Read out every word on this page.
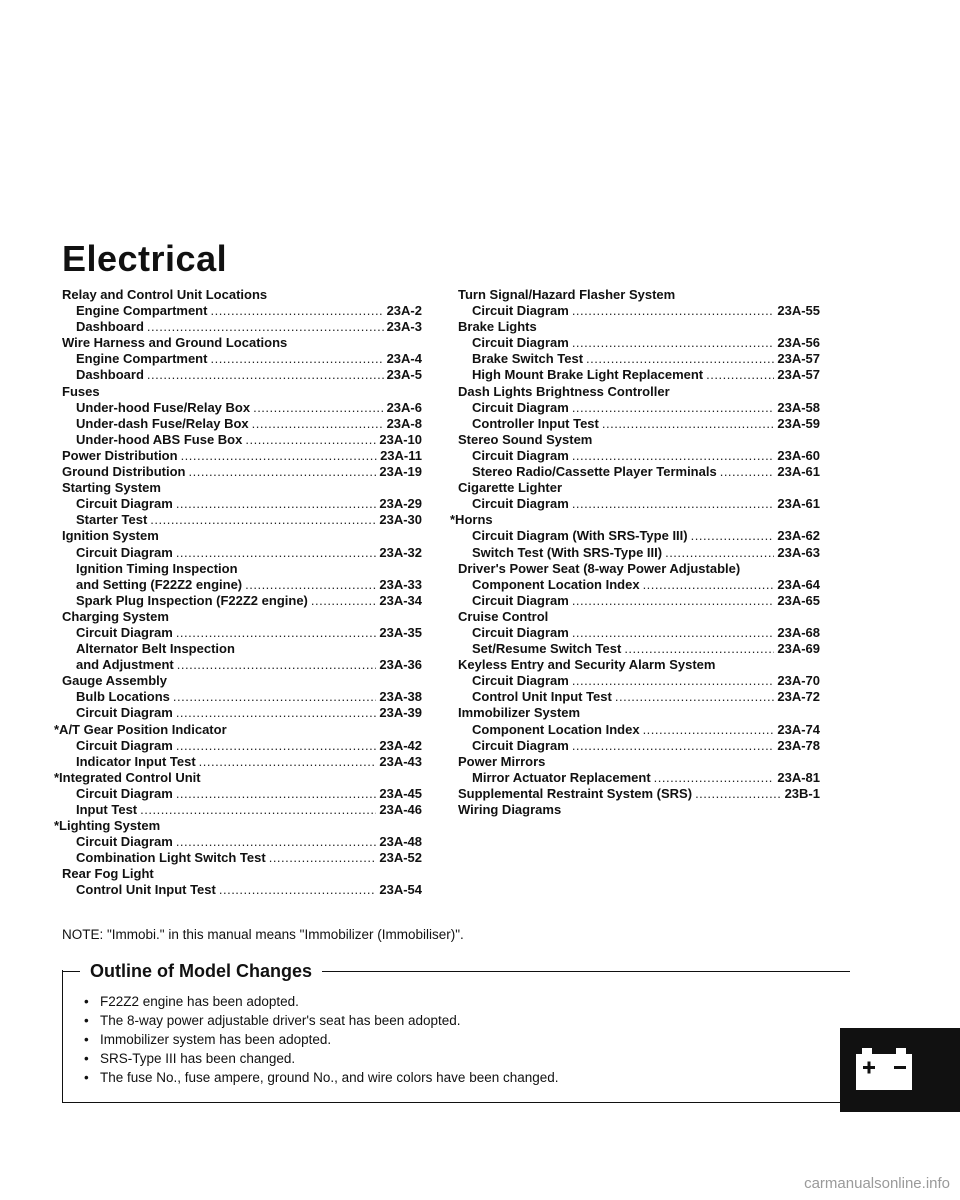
Electrical
Relay and Control Unit Locations
Engine Compartment .....	23A-2
Dashboard .....	23A-3
Wire Harness and Ground Locations
Engine Compartment .....	23A-4
Dashboard .....	23A-5
Fuses
Under-hood Fuse/Relay Box .....	23A-6
Under-dash Fuse/Relay Box .....	23A-8
Under-hood ABS Fuse Box .....	23A-10
Power Distribution .....	23A-11
Ground Distribution .....	23A-19
Starting System
Circuit Diagram .....	23A-29
Starter Test .....	23A-30
Ignition System
Circuit Diagram .....	23A-32
Ignition Timing Inspection
and Setting (F22Z2 engine) .....	23A-33
Spark Plug Inspection (F22Z2 engine) .....	23A-34
Charging System
Circuit Diagram .....	23A-35
Alternator Belt Inspection
and Adjustment .....	23A-36
Gauge Assembly
Bulb Locations .....	23A-38
Circuit Diagram .....	23A-39
*A/T Gear Position Indicator
Circuit Diagram .....	23A-42
Indicator Input Test .....	23A-43
*Integrated Control Unit
Circuit Diagram .....	23A-45
Input Test .....	23A-46
*Lighting System
Circuit Diagram .....	23A-48
Combination Light Switch Test .....	23A-52
Rear Fog Light
Control Unit Input Test .....	23A-54
Turn Signal/Hazard Flasher System
Circuit Diagram .....	23A-55
Brake Lights
Circuit Diagram .....	23A-56
Brake Switch Test .....	23A-57
High Mount Brake Light Replacement .....	23A-57
Dash Lights Brightness Controller
Circuit Diagram .....	23A-58
Controller Input Test .....	23A-59
Stereo Sound System
Circuit Diagram .....	23A-60
Stereo Radio/Cassette Player Terminals .....	23A-61
Cigarette Lighter
Circuit Diagram .....	23A-61
*Horns
Circuit Diagram (With SRS-Type III) .....	23A-62
Switch Test (With SRS-Type III) .....	23A-63
Driver's Power Seat (8-way Power Adjustable)
Component Location Index .....	23A-64
Circuit Diagram .....	23A-65
Cruise Control
Circuit Diagram .....	23A-68
Set/Resume Switch Test .....	23A-69
Keyless Entry and Security Alarm System
Circuit Diagram .....	23A-70
Control Unit Input Test .....	23A-72
Immobilizer System
Component Location Index .....	23A-74
Circuit Diagram .....	23A-78
Power Mirrors
Mirror Actuator Replacement .....	23A-81
Supplemental Restraint System (SRS) .....	23B-1
Wiring Diagrams
NOTE: "Immobi." in this manual means "Immobilizer (Immobiliser)".
Outline of Model Changes
• F22Z2 engine has been adopted.
• The 8-way power adjustable driver's seat has been adopted.
• Immobilizer system has been adopted.
• SRS-Type III has been changed.
• The fuse No., fuse ampere, ground No., and wire colors have been changed.
carmanualsonline.info
